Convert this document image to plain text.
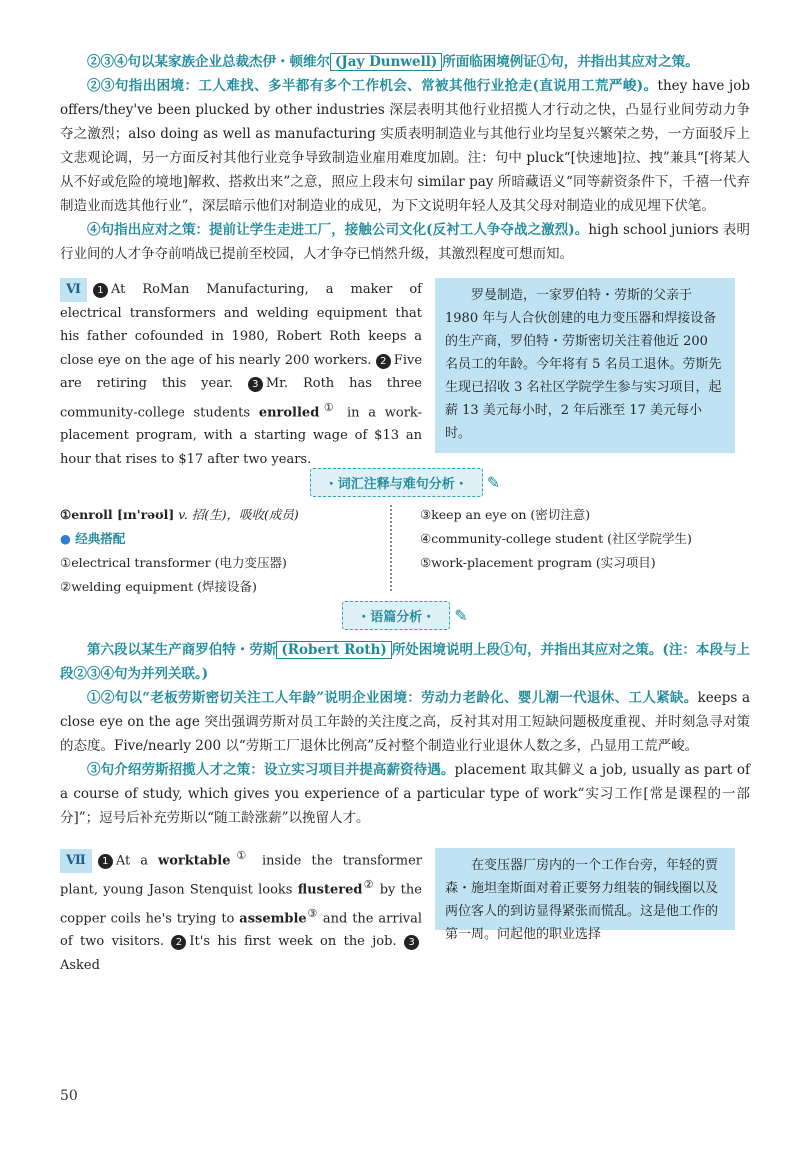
②③④句以某家族企业总裁杰伊・顿维尔 (Jay Dunwell) 所面临困境例证①句，并指出其应对之策。

②③句指出困境：工人难找、多半都有多个工作机会、常被其他行业抢走(直说用工荒严峻)。they have job offers/they've been plucked by other industries 深层表明其他行业招揽人才行动之快，凸显行业间劳动力争夺之激烈；also doing as well as manufacturing 实质表明制造业与其他行业均呈复兴繁荣之势，一方面驳斥上文悲观论调，另一方面反衬其他行业竞争导致制造业雇用难度加剧。注：句中 pluck“[快速地]拉、拽”兼具“[将某人从不好或危险的境地]解救、搭救出来”之意，照应上段末句 similar pay 所暗藏语义“同等薪资条件下，千禧一代弃制造业而选其他行业”，深层暗示他们对制造业的成见，为下文说明年轻人及其父母对制造业的成见埋下伏笔。

④句指出应对之策：提前让学生走进工厂，接触公司文化(反衬工人争夺战之激烈)。high school juniors 表明行业间的人才争夺前哨战已提前至校园，人才争夺已悄然升级，其激烈程度可想而知。

Ⅵ 1 At RoMan Manufacturing, a maker of electrical transformers and welding equipment that his father cofounded in 1980, Robert Roth keeps a close eye on the age of his nearly 200 workers. 2 Five are retiring this year. 3 Mr. Roth has three community-college students enrolled① in a work-placement program, with a starting wage of $13 an hour that rises to $17 after two years.
罗曼制造，一家罗伯特・劳斯的父亲于 1980 年与人合伙创建的电力变压器和焊接设备的生产商，罗伯特・劳斯密切关注着他近 200 名员工的年龄。今年将有 5 名员工退休。劳斯先生现已招收 3 名社区学院学生参与实习项目，起薪 13 美元每小时，2 年后涨至 17 美元每小时。
・词汇注释与难句分析・ ✎
①enroll [ɪn'rəʊl] v. 招(生)，吸收(成员)
● 经典搭配
①electrical transformer (电力变压器)
②welding equipment (焊接设备)
③keep an eye on (密切注意)
④community-college student (社区学院学生)
⑤work-placement program (实习项目)
・语篇分析・ ✎

第六段以某生产商罗伯特・劳斯 (Robert Roth) 所处困境说明上段①句，并指出其应对之策。(注：本段与上段②③④句为并列关联。)

①②句以“老板劳斯密切关注工人年龄”说明企业困境：劳动力老龄化、婴儿潮一代退休、工人紧缺。keeps a close eye on the age 突出强调劳斯对员工年龄的关注度之高，反衬其对用工短缺问题极度重视、并时刻急寻对策的态度。Five/nearly 200 以“劳斯工厂退休比例高”反衬整个制造业行业退休人数之多，凸显用工荒严峻。

③句介绍劳斯招揽人才之策：设立实习项目并提高薪资待遇。placement 取其僻义 a job, usually as part of a course of study, which gives you experience of a particular type of work“实习工作[常是课程的一部分]”；逗号后补充劳斯以“随工龄涨薪”以挽留人才。

Ⅶ 1 At a worktable① inside the transformer plant, young Jason Stenquist looks flustered② by the copper coils he's trying to assemble③ and the arrival of two visitors. 2 It's his first week on the job. 3Asked
在变压器厂房内的一个工作台旁，年轻的贾森・施坦奎斯面对着正要努力组装的铜线圈以及两位客人的到访显得紧张而慌乱。这是他工作的第一周。问起他的职业选择
50
